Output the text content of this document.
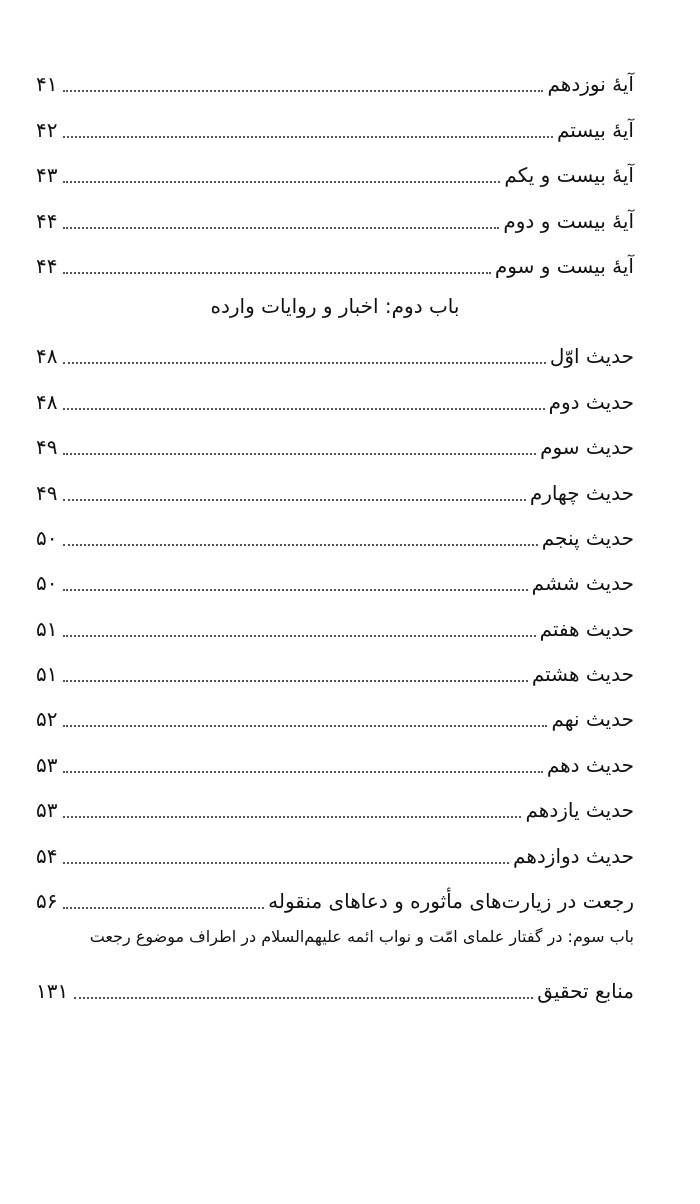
آیهٔ نوزدهم
۴۱
آیهٔ بیستم
۴۲
آیهٔ بیست و یکم
۴۳
آیهٔ بیست و دوم
۴۴
آیهٔ بیست و سوم
۴۴
باب دوم: اخبار و روایات وارده
حدیث اوّل
۴۸
حدیث دوم
۴۸
حدیث سوم
۴۹
حدیث چهارم
۴۹
حدیث پنجم
۵۰
حدیث ششم
۵۰
حدیث هفتم
۵۱
حدیث هشتم
۵۱
حدیث نهم
۵۲
حدیث دهم
۵۳
حدیث یازدهم
۵۳
حدیث دوازدهم
۵۴
رجعت در زیارت‌های مأثوره و دعاهای منقوله
۵۶
باب سوم: در گفتار علمای امّت و نواب ائمه علیهم‌السلام در اطراف موضوع رجعت
منابع تحقیق
۱۳۱
